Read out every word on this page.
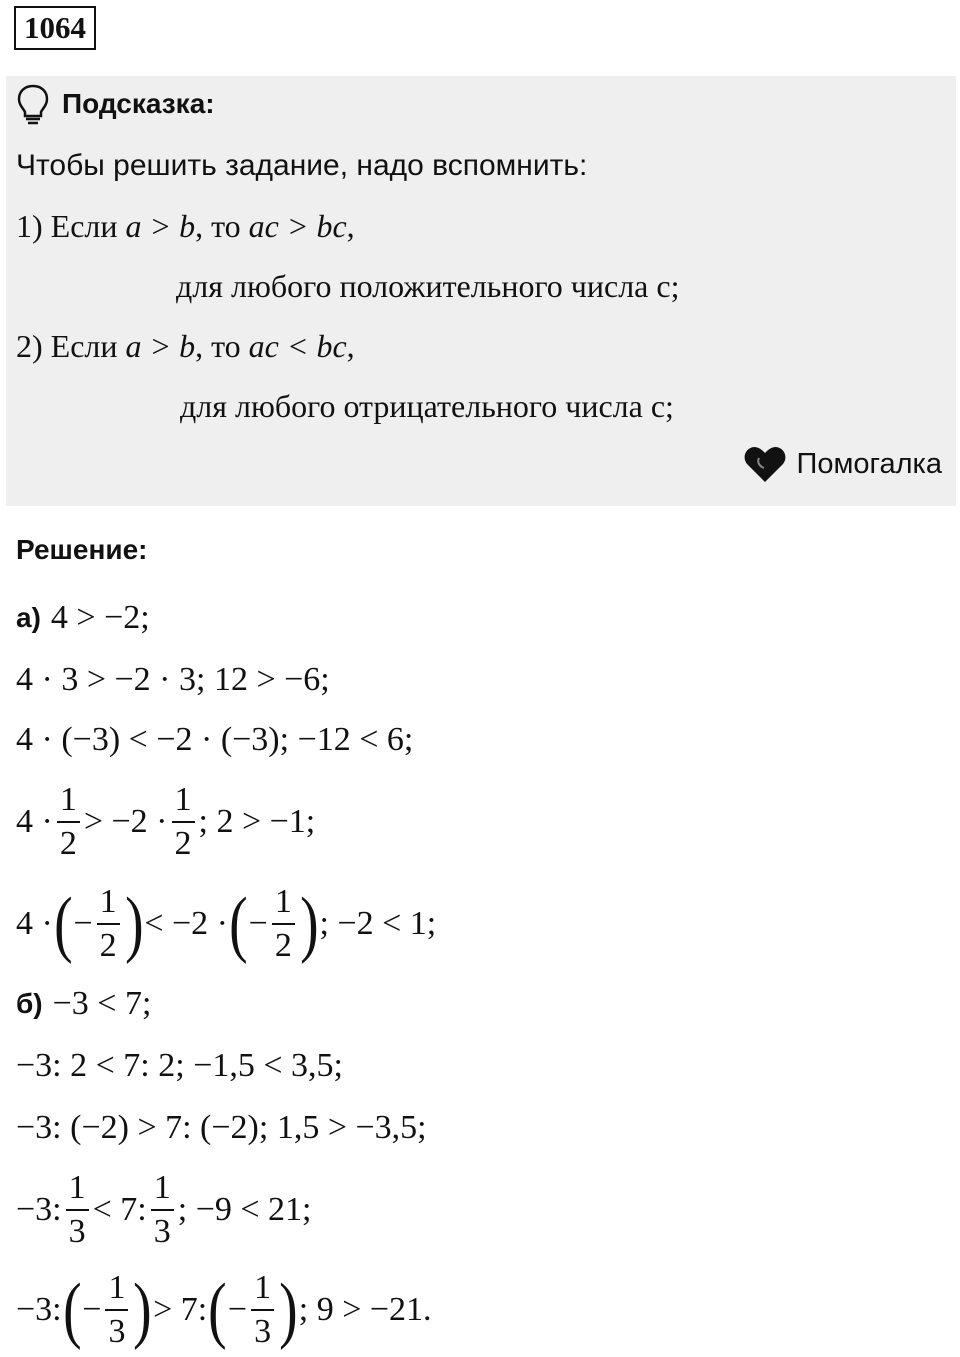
1064
Подсказка:
Чтобы решить задание, надо вспомнить:
1) Если a > b, то ac > bc,
для любого положительного числа с;
2) Если a > b, то ac < bc,
для любого отрицательного числа с;
Помогалка
Решение:
а) 4 > −2;
4 · 3 > −2 · 3; 12 > −6;
4 · (−3) < −2 · (−3); −12 < 6;
$4 \cdot \frac{1}{2} > -2 \cdot \frac{1}{2}$ ; 2 > −1;
4 · ( − $\frac{1}{2}$ ) < −2 · ( − $\frac{1}{2}$ ) ; −2 < 1;
б) −3 < 7;
−3: 2 < 7: 2; −1,5 < 3,5;
−3: (−2) > 7: (−2); 1,5 > −3,5;
−3: $\frac{1}{3} < 7$: $\frac{1}{3}$ ; −9 < 21;
−3: ( − $\frac{1}{3}$ ) > 7: ( − $\frac{1}{3}$ ) ; 9 > −21.
